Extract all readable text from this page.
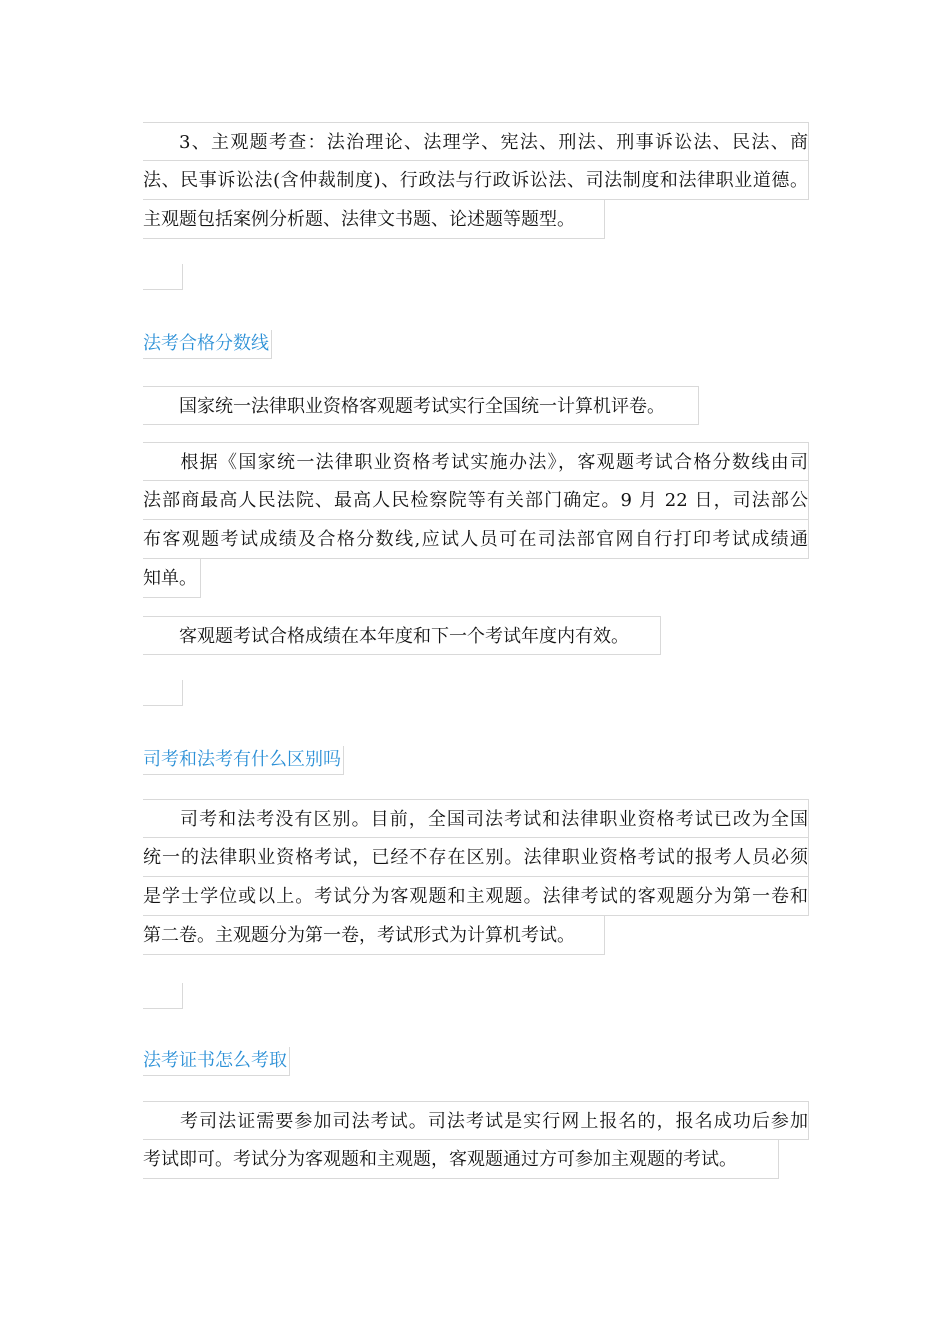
3、主观题考查：法治理论、法理学、宪法、刑法、刑事诉讼法、民法、商
法、民事诉讼法(含仲裁制度)、行政法与行政诉讼法、司法制度和法律职业道德。
主观题包括案例分析题、法律文书题、论述题等题型。
法考合格分数线
国家统一法律职业资格客观题考试实行全国统一计算机评卷。
根据《国家统一法律职业资格考试实施办法》，客观题考试合格分数线由司
法部商最高人民法院、最高人民检察院等有关部门确定。9 月 22 日，司法部公
布客观题考试成绩及合格分数线,应试人员可在司法部官网自行打印考试成绩通
知单。
客观题考试合格成绩在本年度和下一个考试年度内有效。
司考和法考有什么区别吗
司考和法考没有区别。目前，全国司法考试和法律职业资格考试已改为全国
统一的法律职业资格考试，已经不存在区别。法律职业资格考试的报考人员必须
是学士学位或以上。考试分为客观题和主观题。法律考试的客观题分为第一卷和
第二卷。主观题分为第一卷，考试形式为计算机考试。
法考证书怎么考取
考司法证需要参加司法考试。司法考试是实行网上报名的，报名成功后参加
考试即可。考试分为客观题和主观题，客观题通过方可参加主观题的考试。
